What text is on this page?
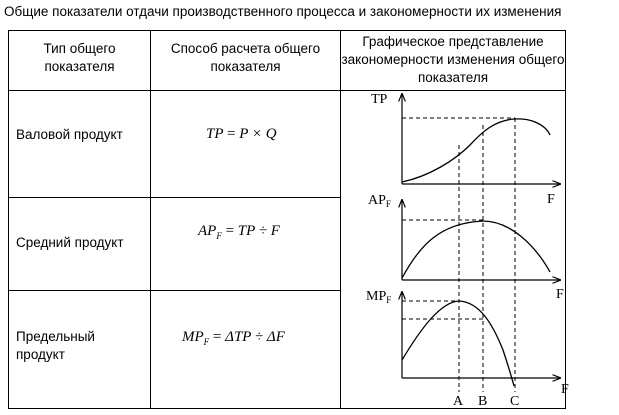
Общие показатели отдачи производственного процесса и закономерности их изменения
Тип общего показателя
Способ расчета общего показателя
Графическое представление закономерности изменения общего показателя
Валовой продукт
Средний продукт
Предельный продукт
TP = P × Q
$AP_F$ = TP ÷ F
$MP_F = \Delta TP \div \Delta F$
TP
$AP_F$
$MP_F$
F
F
F
A B C
